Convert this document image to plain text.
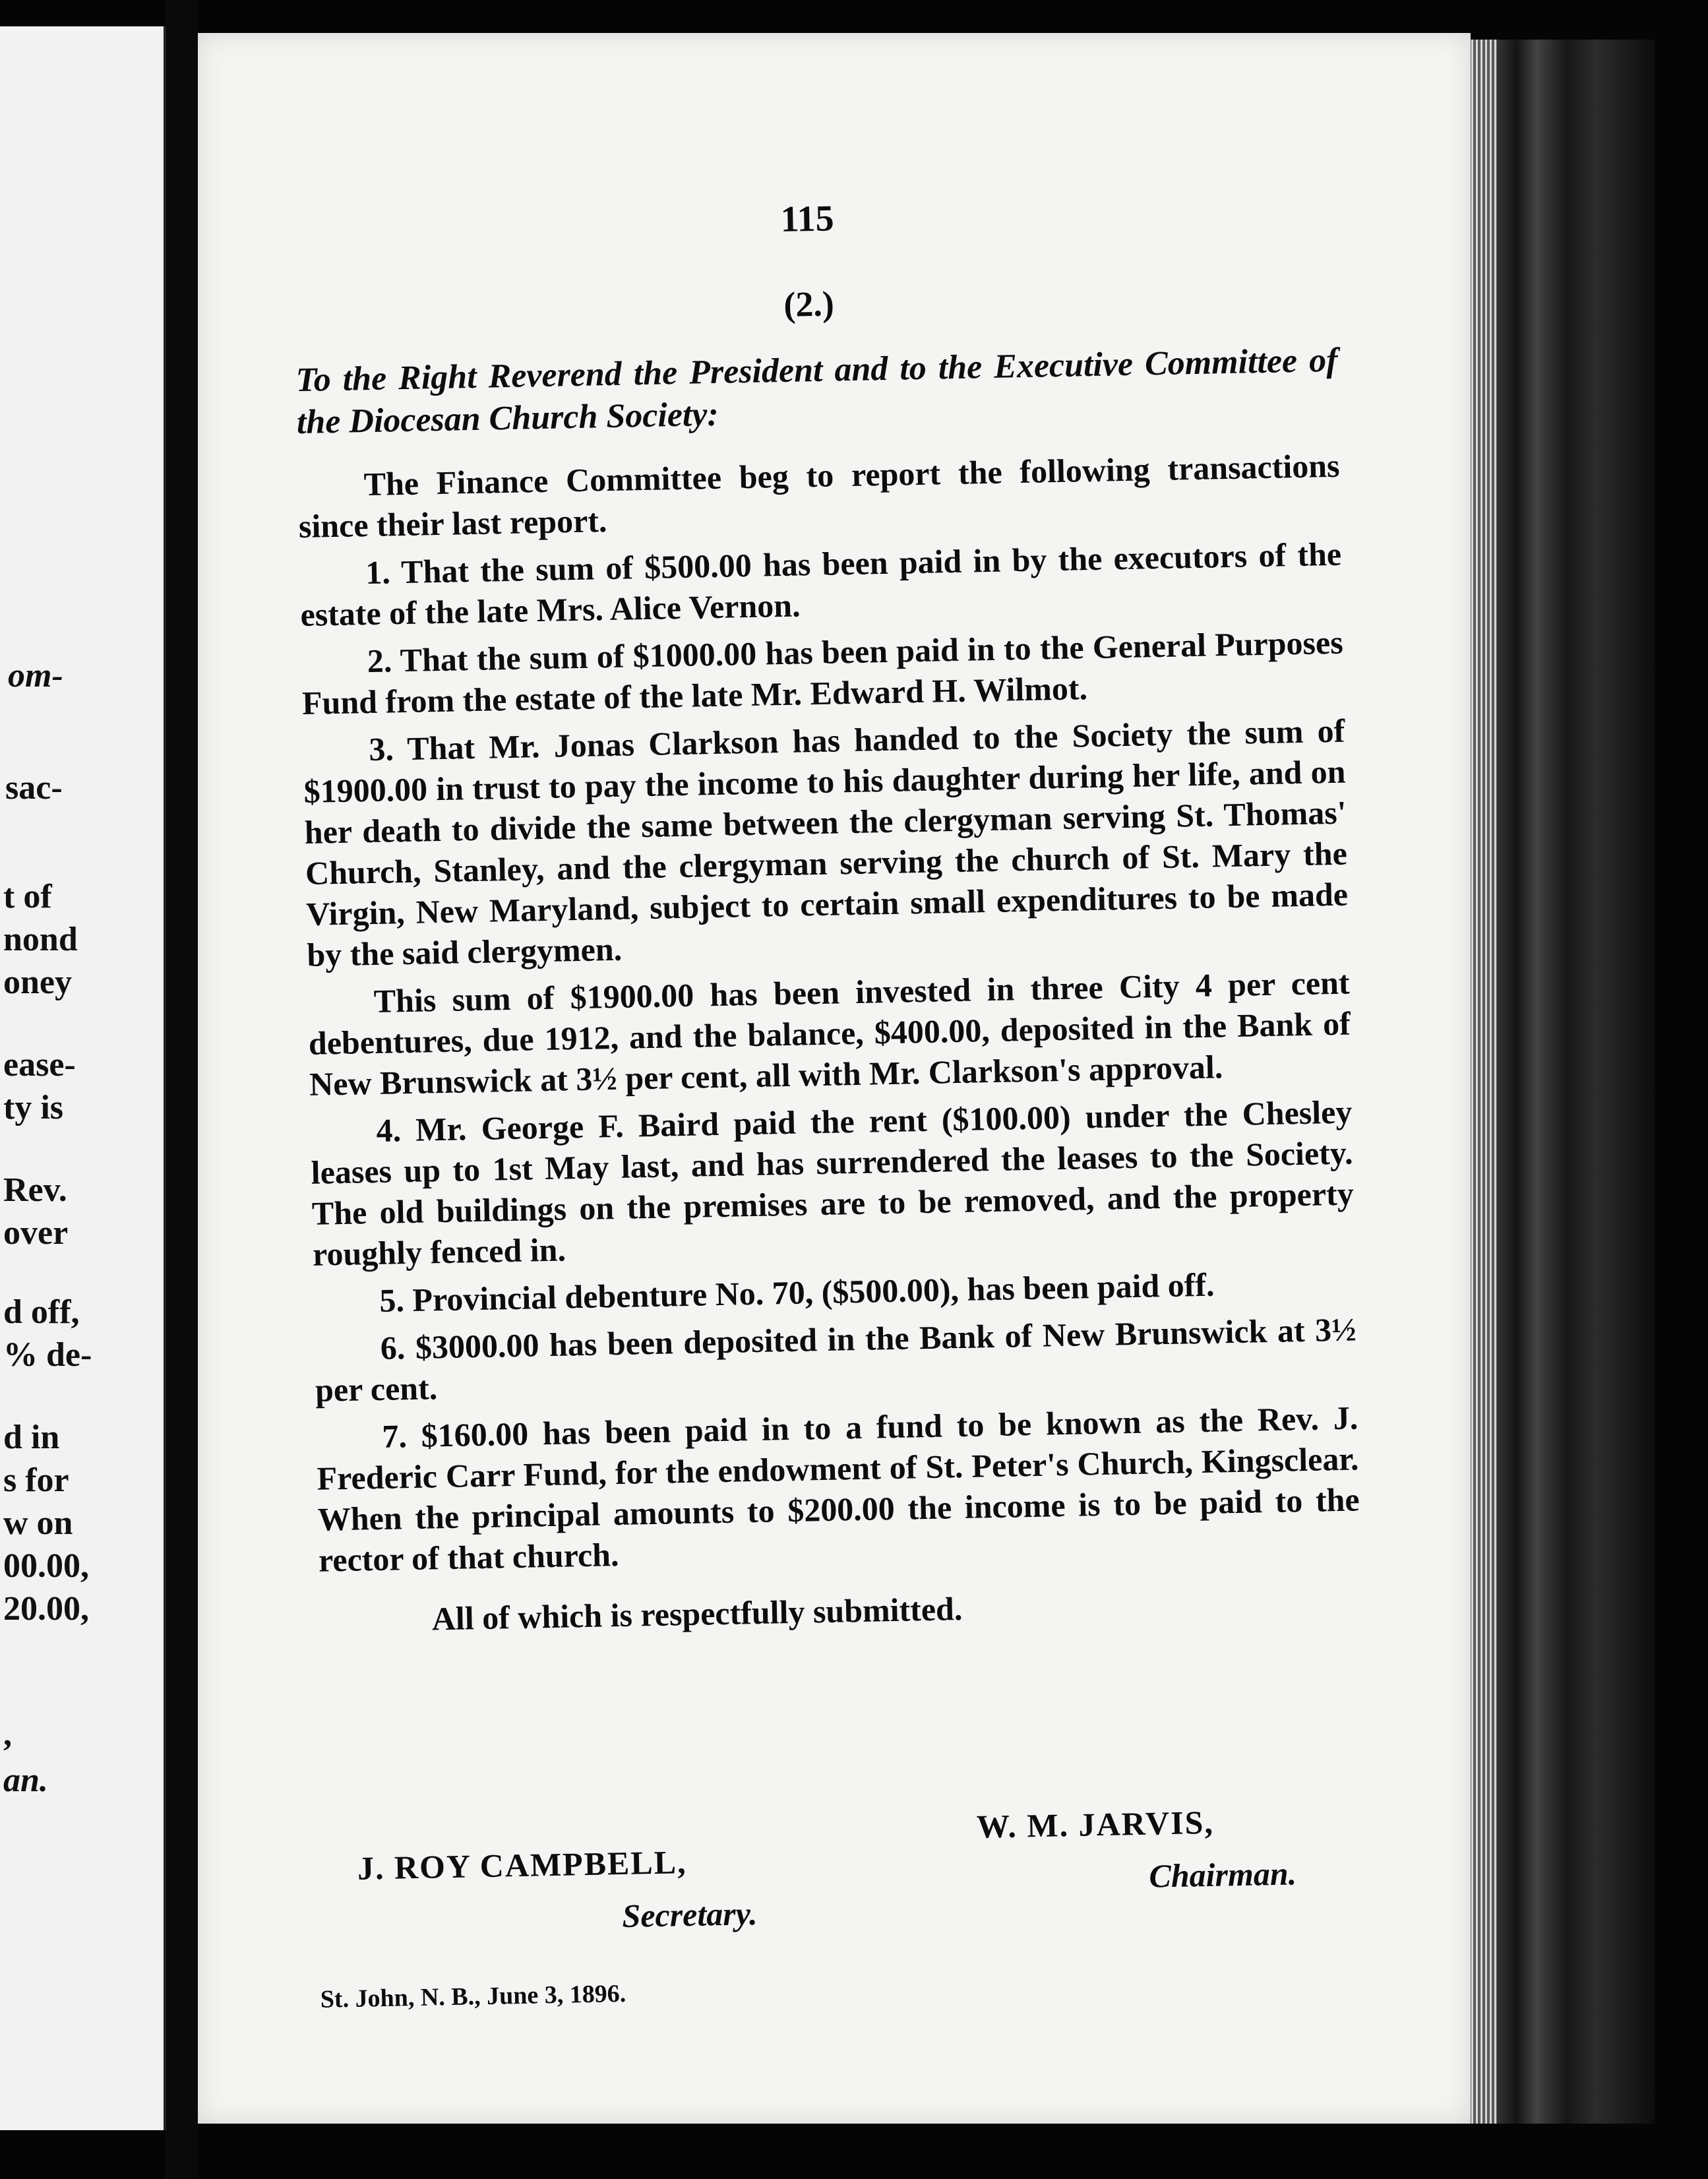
om-
sac-
t of
nond
oney
ease-
ty is
Rev.
over
d off,
% de-
d in
s for
w on
00.00,
20.00,
,
an.
115
(2.)
To the Right Reverend the President and to the Executive Committee of the Diocesan Church Society:

The Finance Committee beg to report the following transactions since their last report.

1. That the sum of $500.00 has been paid in by the executors of the estate of the late Mrs. Alice Vernon.

2. That the sum of $1000.00 has been paid in to the General Purposes Fund from the estate of the late Mr. Edward H. Wilmot.

3. That Mr. Jonas Clarkson has handed to the Society the sum of $1900.00 in trust to pay the income to his daughter during her life, and on her death to divide the same between the clergyman serving St. Thomas' Church, Stanley, and the clergyman serving the church of St. Mary the Virgin, New Maryland, subject to certain small expenditures to be made by the said clergymen.

This sum of $1900.00 has been invested in three City 4 per cent debentures, due 1912, and the balance, $400.00, deposited in the Bank of New Brunswick at 3½ per cent, all with Mr. Clarkson's approval.

4. Mr. George F. Baird paid the rent ($100.00) under the Chesley leases up to 1st May last, and has surrendered the leases to the Society. The old buildings on the premises are to be removed, and the property roughly fenced in.

5. Provincial debenture No. 70, ($500.00), has been paid off.

6. $3000.00 has been deposited in the Bank of New Brunswick at 3½ per cent.

7. $160.00 has been paid in to a fund to be known as the Rev. J. Frederic Carr Fund, for the endowment of St. Peter's Church, Kingsclear. When the principal amounts to $200.00 the income is to be paid to the rector of that church.

All of which is respectfully submitted.

W. M. JARVIS,
Chairman.
J. ROY CAMPBELL,
Secretary.
St. John, N. B., June 3, 1896.
